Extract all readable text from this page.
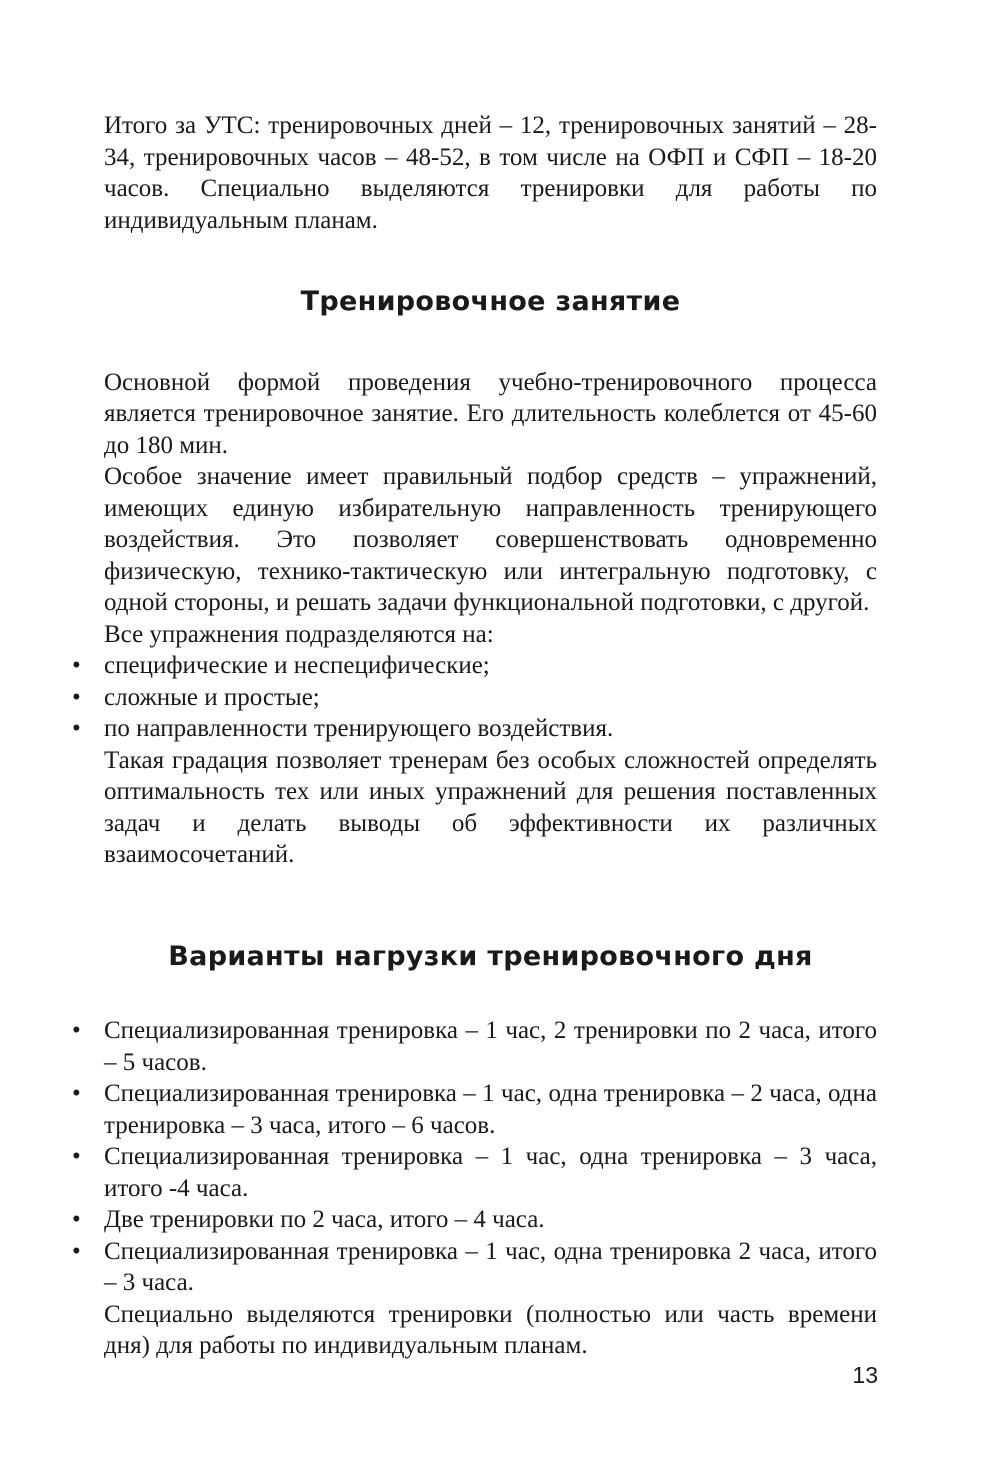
Итого за УТС: тренировочных дней – 12, тренировочных занятий – 28-34, тренировочных часов – 48-52, в том числе на ОФП и СФП – 18-20 часов. Специально выделяются тренировки для работы по индивидуальным планам.

Тренировочное занятие

Основной формой проведения учебно-тренировочного процесса является тренировочное занятие. Его длительность колеблется от 45-60 до 180 мин.

Особое значение имеет правильный подбор средств – упражнений, имеющих единую избирательную направленность тренирующего воздействия. Это позволяет совершенствовать одновременно физическую, технико-тактическую или интегральную подготовку, с одной стороны, и решать задачи функциональной подготовки, с другой.

Все упражнения подразделяются на:

• специфические и неспецифические;
• сложные и простые;
• по направленности тренирующего воздействия.

Такая градация позволяет тренерам без особых сложностей определять оптимальность тех или иных упражнений для решения поставленных задач и делать выводы об эффективности их различных взаимосочетаний.

Варианты нагрузки тренировочного дня
• Специализированная тренировка – 1 час, 2 тренировки по 2 часа, итого – 5 часов.
• Специализированная тренировка – 1 час, одна тренировка – 2 часа, одна тренировка – 3 часа, итого – 6 часов.
• Специализированная тренировка – 1 час, одна тренировка – 3 часа, итого -4 часа.
• Две тренировки по 2 часа, итого – 4 часа.
• Специализированная тренировка – 1 час, одна тренировка 2 часа, итого – 3 часа.

Специально выделяются тренировки (полностью или часть времени дня) для работы по индивидуальным планам.

13
